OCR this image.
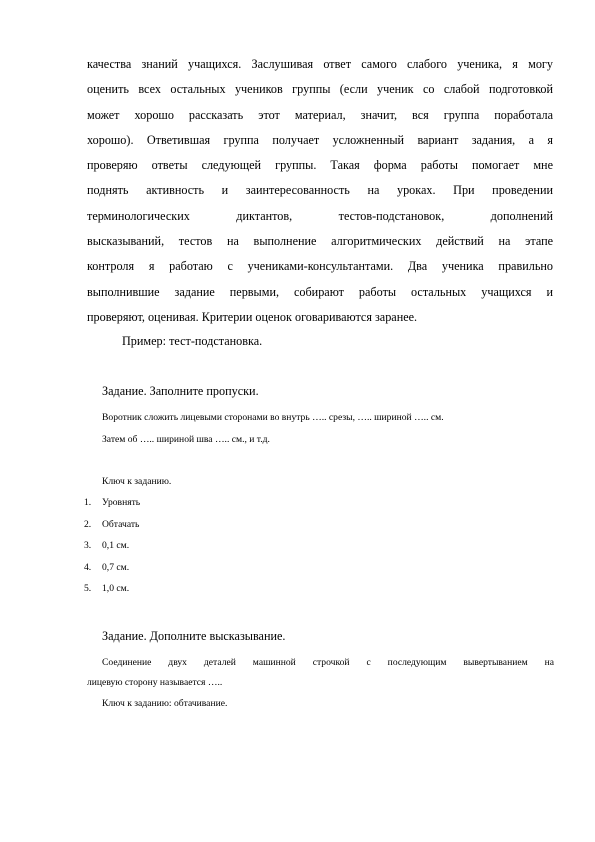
качества знаний учащихся. Заслушивая ответ самого слабого ученика, я могу
оценить всех остальных учеников группы (если ученик со слабой подготовкой
может хорошо рассказать этот материал, значит, вся группа поработала
хорошо). Ответившая группа получает усложненный вариант задания, а я
проверяю ответы следующей группы. Такая форма работы помогает мне
поднять активность и заинтересованность на уроках. При проведении
терминологических диктантов, тестов-подстановок, дополнений
высказываний, тестов на выполнение алгоритмических действий на этапе
контроля я работаю с учениками-консультантами. Два ученика правильно
выполнившие задание первыми, собирают работы остальных учащихся и
проверяют, оценивая. Критерии оценок оговариваются заранее.

Пример: тест-подстановка.

Задание. Заполните пропуски.

Воротник сложить лицевыми сторонами во внутрь ….. срезы, ….. шириной ….. см.

Затем об ….. шириной шва ….. см., и т.д.

Ключ к заданию.

1.	Уровнять
2.	Обтачать
3.	0,1 см.
4.	0,7 см.
5.	1,0 см.

Задание. Дополните высказывание.

Соединение двух деталей машинной строчкой с последующим вывертыванием на

лицевую сторону называется …..

Ключ к заданию: обтачивание.
